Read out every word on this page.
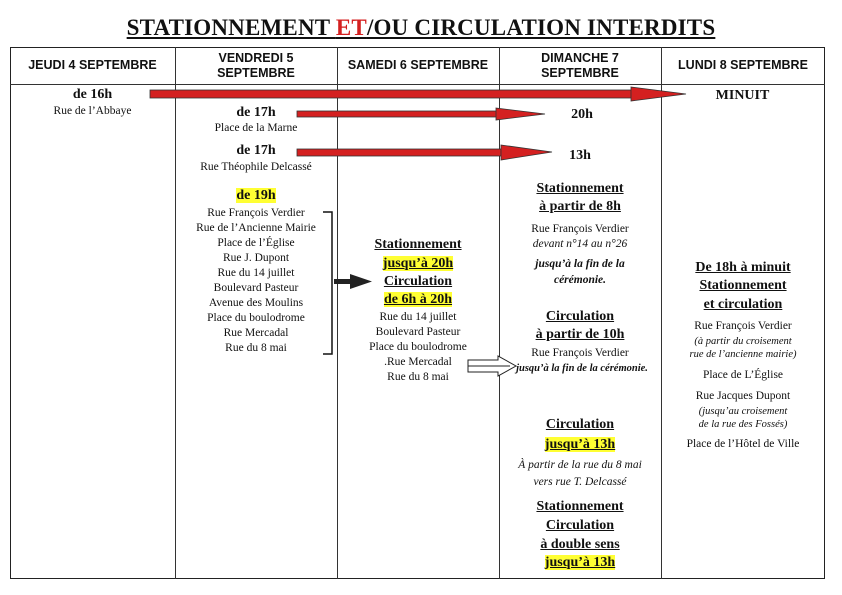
STATIONNEMENT ET/OU CIRCULATION INTERDITS
JEUDI 4 SEPTEMBRE
VENDREDI 5 SEPTEMBRE
SAMEDI 6 SEPTEMBRE
DIMANCHE 7 SEPTEMBRE
LUNDI 8 SEPTEMBRE
de 16h
Rue de l’Abbaye	de 17h
Place de la Marne
de 17h
Rue Théophile Delcassé
de 19h
Rue François Verdier
Rue de l’Ancienne Mairie
Place de l’Église
Rue J. Dupont
Rue du 14 juillet
Boulevard Pasteur
Avenue des Moulins
Place du boulodrome
Rue Mercadal
Rue du 8 mai
Stationnement
jusqu’à 20h
Circulation
de 6h à 20h
Rue du 14 juillet
Boulevard Pasteur
Place du boulodrome
.Rue Mercadal
Rue du 8 mai
20h
13h
Stationnement
à partir de 8h
Rue François Verdier
devant n°14 au n°26
jusqu’à la fin de la
cérémonie.
Circulation
à partir de 10h
Rue François Verdier
jusqu’à la fin de la cérémonie.
Circulation
jusqu’à 13h
À partir de la rue du 8 mai
vers rue T. Delcassé
Stationnement
Circulation
à double sens
jusqu’à 13h
MINUIT
De 18h à minuit
Stationnement
et circulation
Rue François Verdier
(à partir du croisement
rue de l’ancienne mairie)
Place de L’Église
Rue Jacques Dupont
(jusqu’au croisement
de la rue des Fossés)
Place de l’Hôtel de Ville
